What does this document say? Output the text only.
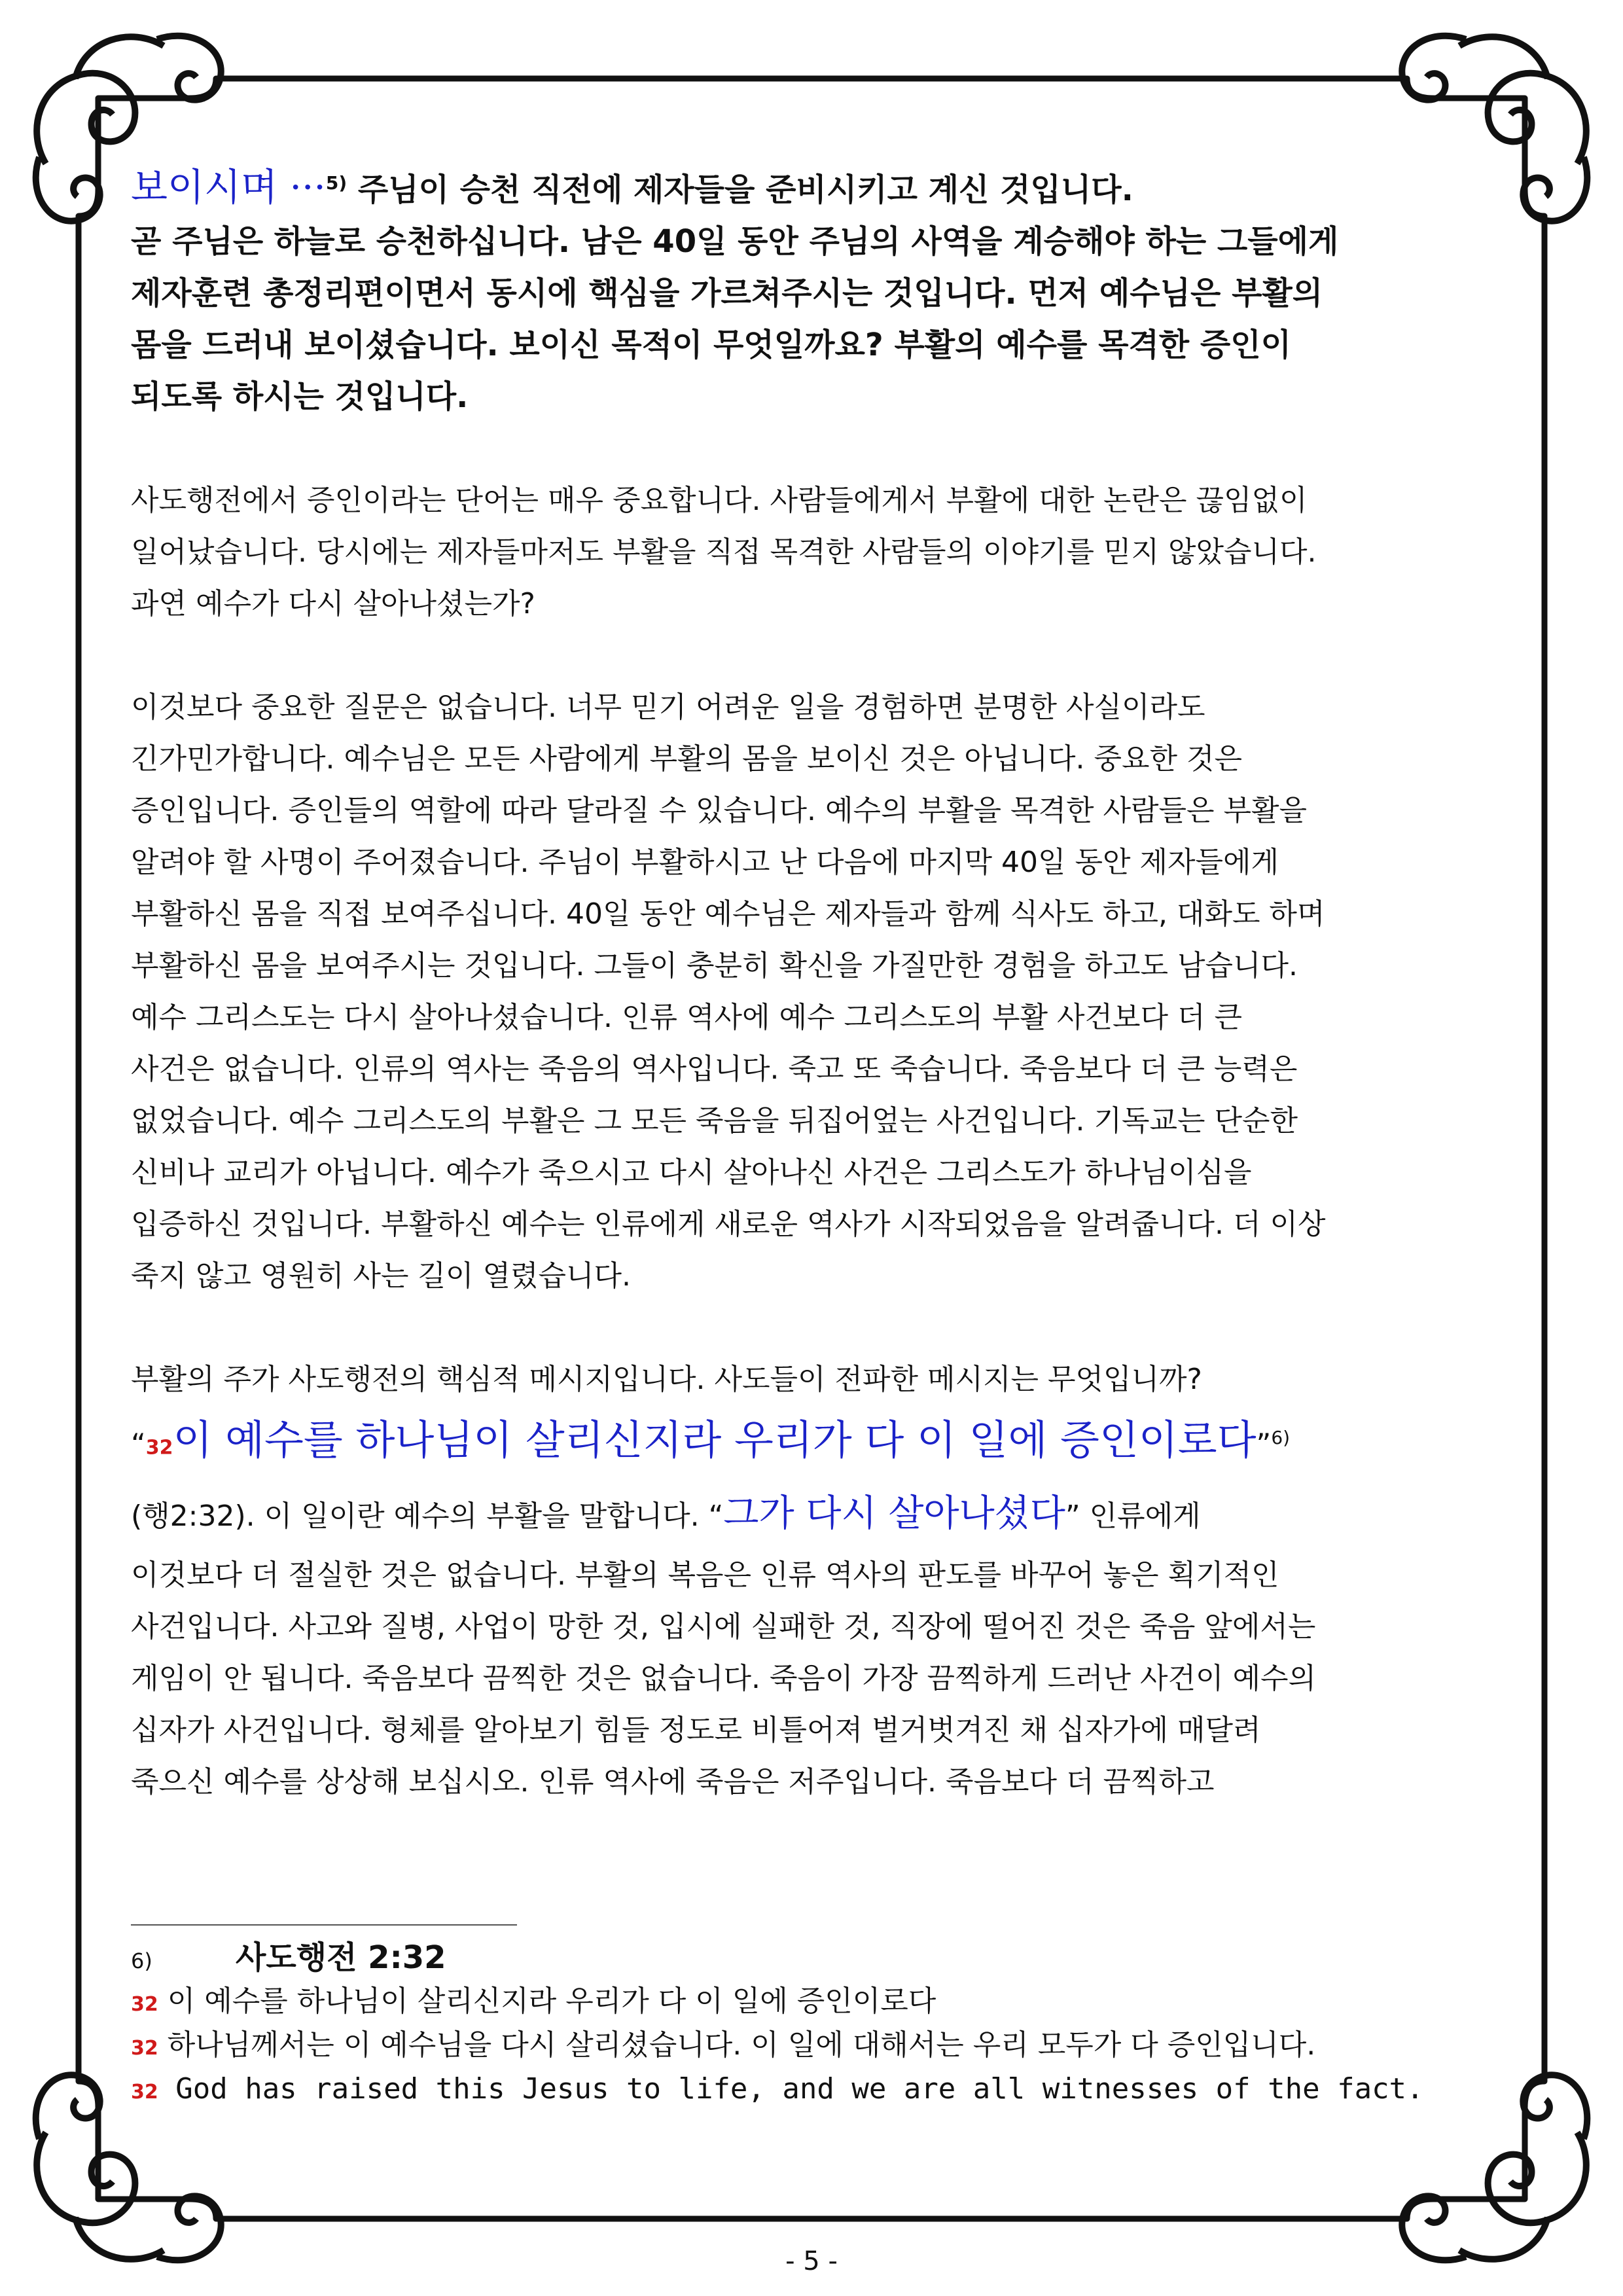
보이시며 ···$^{5)}$ 주님이 승천 직전에 제자들을 준비시키고 계신 것입니다.

곧 주님은 하늘로 승천하십니다. 남은 40일 동안 주님의 사역을 계승해야 하는 그들에게

제자훈련 총정리편이면서 동시에 핵심을 가르쳐주시는 것입니다. 먼저 예수님은 부활의

몸을 드러내 보이셨습니다. 보이신 목적이 무엇일까요? 부활의 예수를 목격한 증인이

되도록 하시는 것입니다.

사도행전에서 증인이라는 단어는 매우 중요합니다. 사람들에게서 부활에 대한 논란은 끊임없이

일어났습니다. 당시에는 제자들마저도 부활을 직접 목격한 사람들의 이야기를 믿지 않았습니다.

과연 예수가 다시 살아나셨는가?

이것보다 중요한 질문은 없습니다. 너무 믿기 어려운 일을 경험하면 분명한 사실이라도

긴가민가합니다. 예수님은 모든 사람에게 부활의 몸을 보이신 것은 아닙니다. 중요한 것은

증인입니다. 증인들의 역할에 따라 달라질 수 있습니다. 예수의 부활을 목격한 사람들은 부활을

알려야 할 사명이 주어졌습니다. 주님이 부활하시고 난 다음에 마지막 40일 동안 제자들에게

부활하신 몸을 직접 보여주십니다. 40일 동안 예수님은 제자들과 함께 식사도 하고, 대화도 하며

부활하신 몸을 보여주시는 것입니다. 그들이 충분히 확신을 가질만한 경험을 하고도 남습니다.

예수 그리스도는 다시 살아나셨습니다. 인류 역사에 예수 그리스도의 부활 사건보다 더 큰

사건은 없습니다. 인류의 역사는 죽음의 역사입니다. 죽고 또 죽습니다. 죽음보다 더 큰 능력은

없었습니다. 예수 그리스도의 부활은 그 모든 죽음을 뒤집어엎는 사건입니다. 기독교는 단순한

신비나 교리가 아닙니다. 예수가 죽으시고 다시 살아나신 사건은 그리스도가 하나님이심을

입증하신 것입니다. 부활하신 예수는 인류에게 새로운 역사가 시작되었음을 알려줍니다. 더 이상

죽지 않고 영원히 사는 길이 열렸습니다.

부활의 주가 사도행전의 핵심적 메시지입니다. 사도들이 전파한 메시지는 무엇입니까?

“32이 예수를 하나님이 살리신지라 우리가 다 이 일에 증인이로다”$^{6)}$

(행2:32). 이 일이란 예수의 부활을 말합니다. “그가 다시 살아나셨다” 인류에게

이것보다 더 절실한 것은 없습니다. 부활의 복음은 인류 역사의 판도를 바꾸어 놓은 획기적인

사건입니다. 사고와 질병, 사업이 망한 것, 입시에 실패한 것, 직장에 떨어진 것은 죽음 앞에서는

게임이 안 됩니다. 죽음보다 끔찍한 것은 없습니다. 죽음이 가장 끔찍하게 드러난 사건이 예수의

십자가 사건입니다. 형체를 알아보기 힘들 정도로 비틀어져 벌거벗겨진 채 십자가에 매달려

죽으신 예수를 상상해 보십시오. 인류 역사에 죽음은 저주입니다. 죽음보다 더 끔찍하고

6)	사도행전 2:32

32 이 예수를 하나님이 살리신지라 우리가 다 이 일에 증인이로다

32 하나님께서는 이 예수님을 다시 살리셨습니다. 이 일에 대해서는 우리 모두가 다 증인입니다.

32 God has raised this Jesus to life, and we are all witnesses of the fact.

- 5 -
